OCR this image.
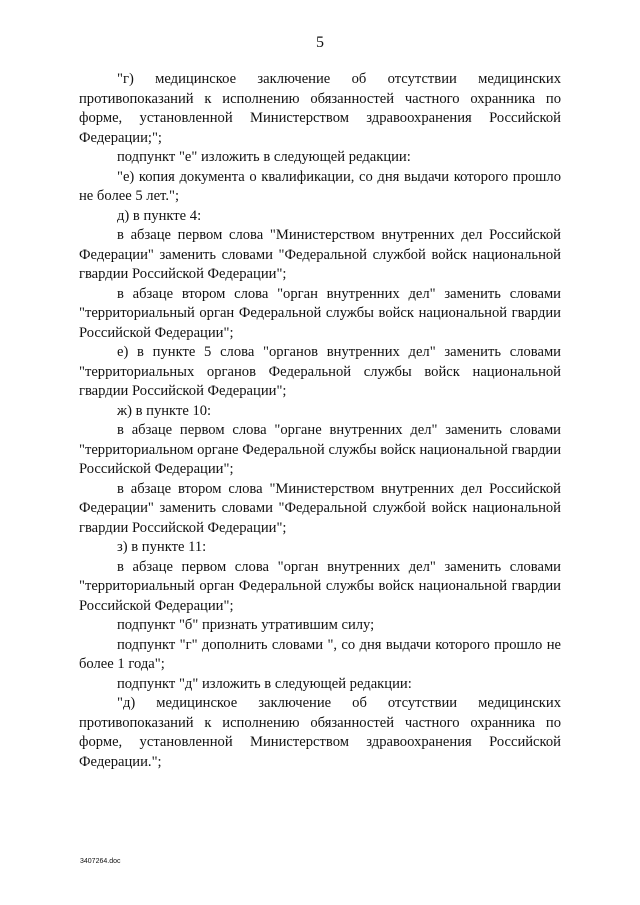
5

"г) медицинское заключение об отсутствии медицинских противопоказаний к исполнению обязанностей частного охранника по форме, установленной Министерством здравоохранения Российской Федерации;";

подпункт "е" изложить в следующей редакции:

"е) копия документа о квалификации, со дня выдачи которого прошло не более 5 лет.";

д) в пункте 4:

в абзаце первом слова "Министерством внутренних дел Российской Федерации" заменить словами "Федеральной службой войск национальной гвардии Российской Федерации";

в абзаце втором слова "орган внутренних дел" заменить словами "территориальный орган Федеральной службы войск национальной гвардии Российской Федерации";

е) в пункте 5 слова "органов внутренних дел" заменить словами "территориальных органов Федеральной службы войск национальной гвардии Российской Федерации";

ж) в пункте 10:

в абзаце первом слова "органе внутренних дел" заменить словами "территориальном органе Федеральной службы войск национальной гвардии Российской Федерации";

в абзаце втором слова "Министерством внутренних дел Российской Федерации" заменить словами "Федеральной службой войск национальной гвардии Российской Федерации";

з) в пункте 11:

в абзаце первом слова "орган внутренних дел" заменить словами "территориальный орган Федеральной службы войск национальной гвардии Российской Федерации";

подпункт "б" признать утратившим силу;

подпункт "г" дополнить словами ", со дня выдачи которого прошло не более 1 года";

подпункт "д" изложить в следующей редакции:

"д) медицинское заключение об отсутствии медицинских противопоказаний к исполнению обязанностей частного охранника по форме, установленной Министерством здравоохранения Российской Федерации.";

3407264.doc
